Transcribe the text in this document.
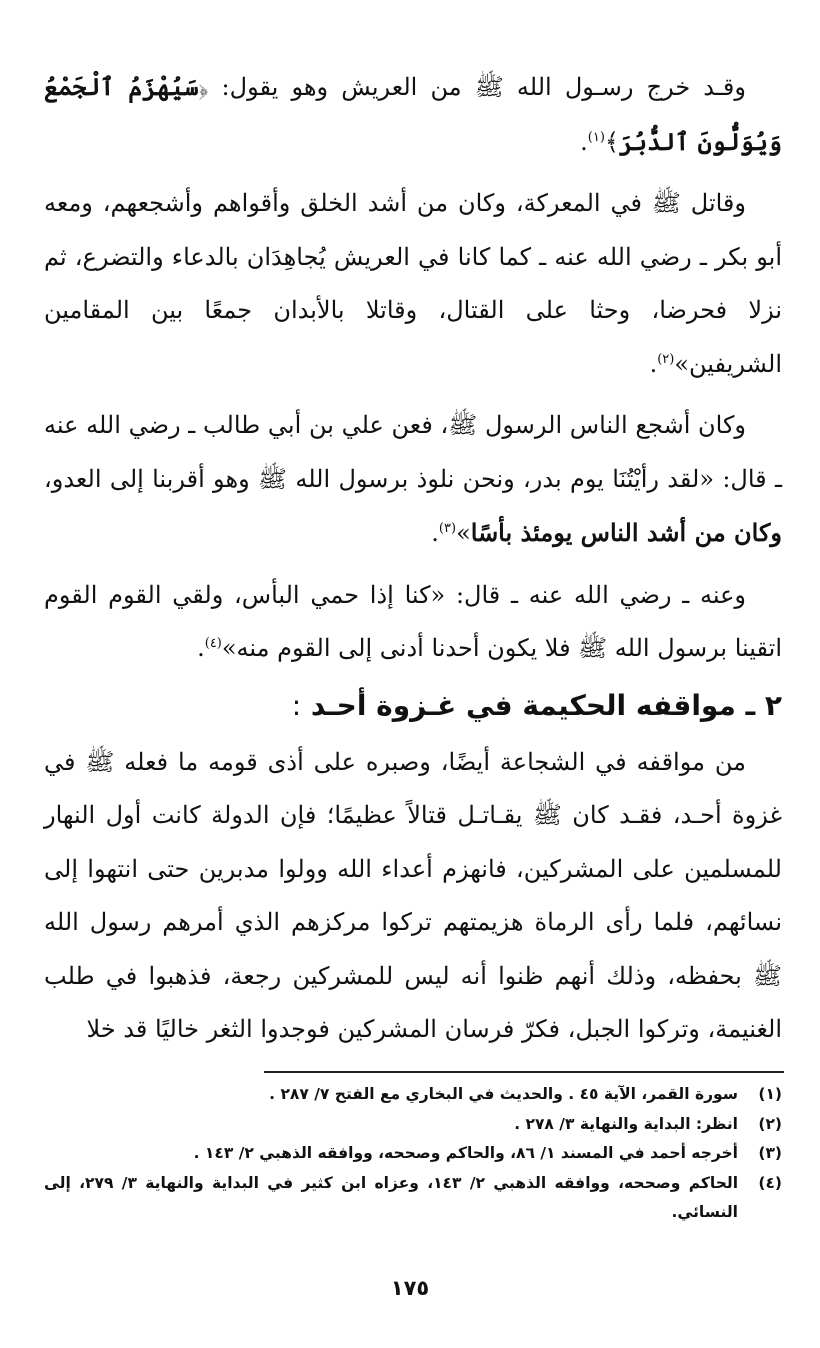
وقـد خرج رسـول الله ﷺ من العريش وهو يقول: ﴿سَيُهْزَمُ ٱلْجَمْعُ وَيُوَلُّونَ ٱلدُّبُرَ﴾$^{(١)}$.

وقاتل ﷺ في المعركة، وكان من أشد الخلق وأقواهم وأشجعهم، ومعه أبو بكر ـ رضي الله عنه ـ كما كانا في العريش يُجاهِدَان بالدعاء والتضرع، ثم نزلا فحرضا، وحثا على القتال، وقاتلا بالأبدان جمعًا بين المقامين الشريفين»$^{(٢)}$.

وكان أشجع الناس الرسول ﷺ، فعن علي بن أبي طالب ـ رضي الله عنه ـ قال: «لقد رأيْتُنَا يوم بدر، ونحن نلوذ برسول الله ﷺ وهو أقربنا إلى العدو، وكان من أشد الناس يومئذ بأسًا»$^{(٣)}$.

وعنه ـ رضي الله عنه ـ قال: «كنا إذا حمي البأس، ولقي القوم القوم اتقينا برسول الله ﷺ فلا يكون أحدنا أدنى إلى القوم منه»$^{(٤)}$.

٢ ـ مواقفه الحكيمة في غـزوة أحـد :

من مواقفه في الشجاعة أيضًا، وصبره على أذى قومه ما فعله ﷺ في غزوة أحـد، فقـد كان ﷺ يقـاتـل قتالاً عظيمًا؛ فإن الدولة كانت أول النهار للمسلمين على المشركين، فانهزم أعداء الله وولوا مدبرين حتى انتهوا إلى نسائهم، فلما رأى الرماة هزيمتهم تركوا مركزهم الذي أمرهم رسول الله ﷺ بحفظه، وذلك أنهم ظنوا أنه ليس للمشركين رجعة، فذهبوا في طلب الغنيمة، وتركوا الجبل، فكرّ فرسان المشركين فوجدوا الثغر خاليًا قد خلا

(١)
سورة القمر، الآية ٤٥ . والحديث في البخاري مع الفتح ٧/ ٢٨٧ .
(٢)
انظر: البداية والنهاية ٣/ ٢٧٨ .
(٣)
أخرجه أحمد في المسند ١/ ٨٦، والحاكم وصححه، ووافقه الذهبي ٢/ ١٤٣ .
(٤)
الحاكم وصححه، ووافقه الذهبي ٢/ ١٤٣، وعزاه ابن كثير في البداية والنهاية ٣/ ٢٧٩، إلى النسائي.
١٧٥
